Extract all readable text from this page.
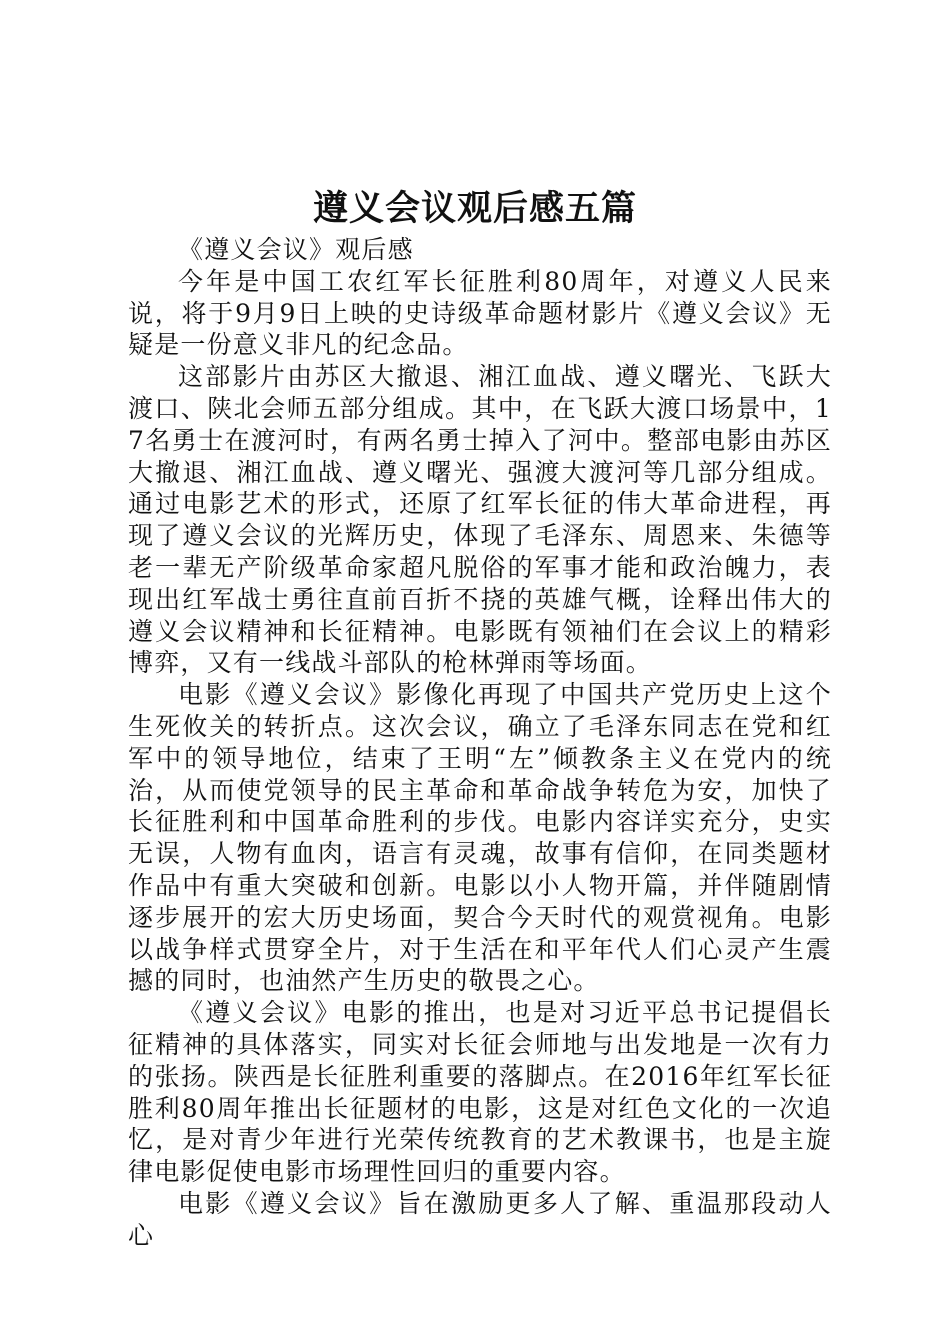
遵义会议观后感五篇

《遵义会议》观后感

今年是中国工农红军长征胜利80周年，对遵义人民来说，将于9月9日上映的史诗级革命题材影片《遵义会议》无疑是一份意义非凡的纪念品。

这部影片由苏区大撤退、湘江血战、遵义曙光、飞跃大渡口、陕北会师五部分组成。其中，在飞跃大渡口场景中，17名勇士在渡河时，有两名勇士掉入了河中。整部电影由苏区大撤退、湘江血战、遵义曙光、强渡大渡河等几部分组成。通过电影艺术的形式，还原了红军长征的伟大革命进程，再现了遵义会议的光辉历史，体现了毛泽东、周恩来、朱德等老一辈无产阶级革命家超凡脱俗的军事才能和政治魄力，表现出红军战士勇往直前百折不挠的英雄气概，诠释出伟大的遵义会议精神和长征精神。电影既有领袖们在会议上的精彩博弈，又有一线战斗部队的枪林弹雨等场面。

电影《遵义会议》影像化再现了中国共产党历史上这个生死攸关的转折点。这次会议，确立了毛泽东同志在党和红军中的领导地位，结束了王明“左”倾教条主义在党内的统治，从而使党领导的民主革命和革命战争转危为安，加快了长征胜利和中国革命胜利的步伐。电影内容详实充分，史实无误，人物有血肉，语言有灵魂，故事有信仰，在同类题材作品中有重大突破和创新。电影以小人物开篇，并伴随剧情逐步展开的宏大历史场面，契合今天时代的观赏视角。电影以战争样式贯穿全片，对于生活在和平年代人们心灵产生震撼的同时，也油然产生历史的敬畏之心。

《遵义会议》电影的推出，也是对习近平总书记提倡长征精神的具体落实，同实对长征会师地与出发地是一次有力的张扬。陕西是长征胜利重要的落脚点。在2016年红军长征胜利80周年推出长征题材的电影，这是对红色文化的一次追忆，是对青少年进行光荣传统教育的艺术教课书，也是主旋律电影促使电影市场理性回归的重要内容。

电影《遵义会议》旨在激励更多人了解、重温那段动人心
